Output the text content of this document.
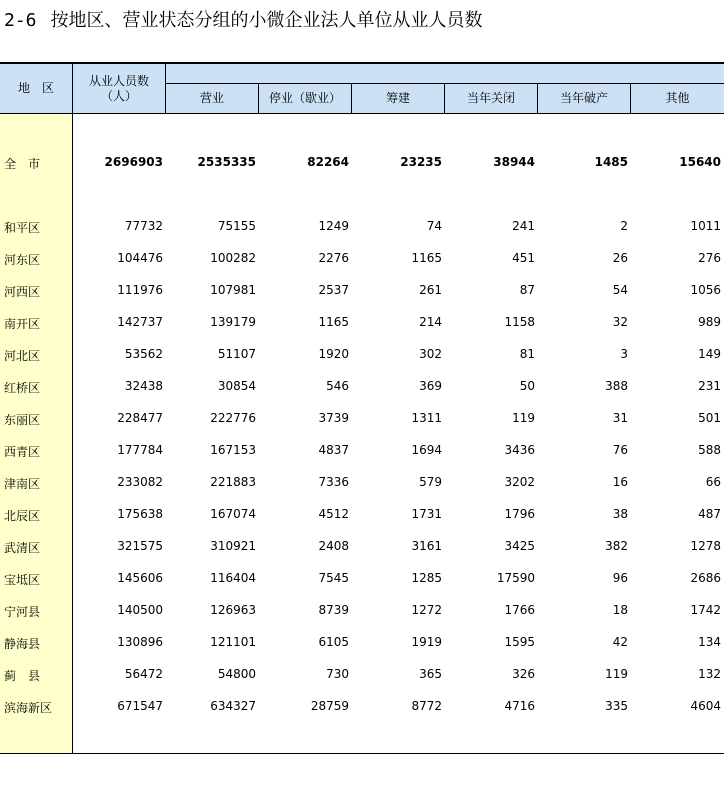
2-6 按地区、营业状态分组的小微企业法人单位从业人员数
地　区	从业人员数（人）	营业	停业（歇业）	筹建	当年关闭	当年破产	其他
全　市	2696903	2535335	82264	23235	38944	1485	15640
和平区	77732	75155	1249	74	241	2	1011
河东区	104476	100282	2276	1165	451	26	276
河西区	111976	107981	2537	261	87	54	1056
南开区	142737	139179	1165	214	1158	32	989
河北区	53562	51107	1920	302	81	3	149
红桥区	32438	30854	546	369	50	388	231
东丽区	228477	222776	3739	1311	119	31	501
西青区	177784	167153	4837	1694	3436	76	588
津南区	233082	221883	7336	579	3202	16	66
北辰区	175638	167074	4512	1731	1796	38	487
武清区	321575	310921	2408	3161	3425	382	1278
宝坻区	145606	116404	7545	1285	17590	96	2686
宁河县	140500	126963	8739	1272	1766	18	1742
静海县	130896	121101	6105	1919	1595	42	134
蓟　县	56472	54800	730	365	326	119	132
滨海新区	671547	634327	28759	8772	4716	335	4604
